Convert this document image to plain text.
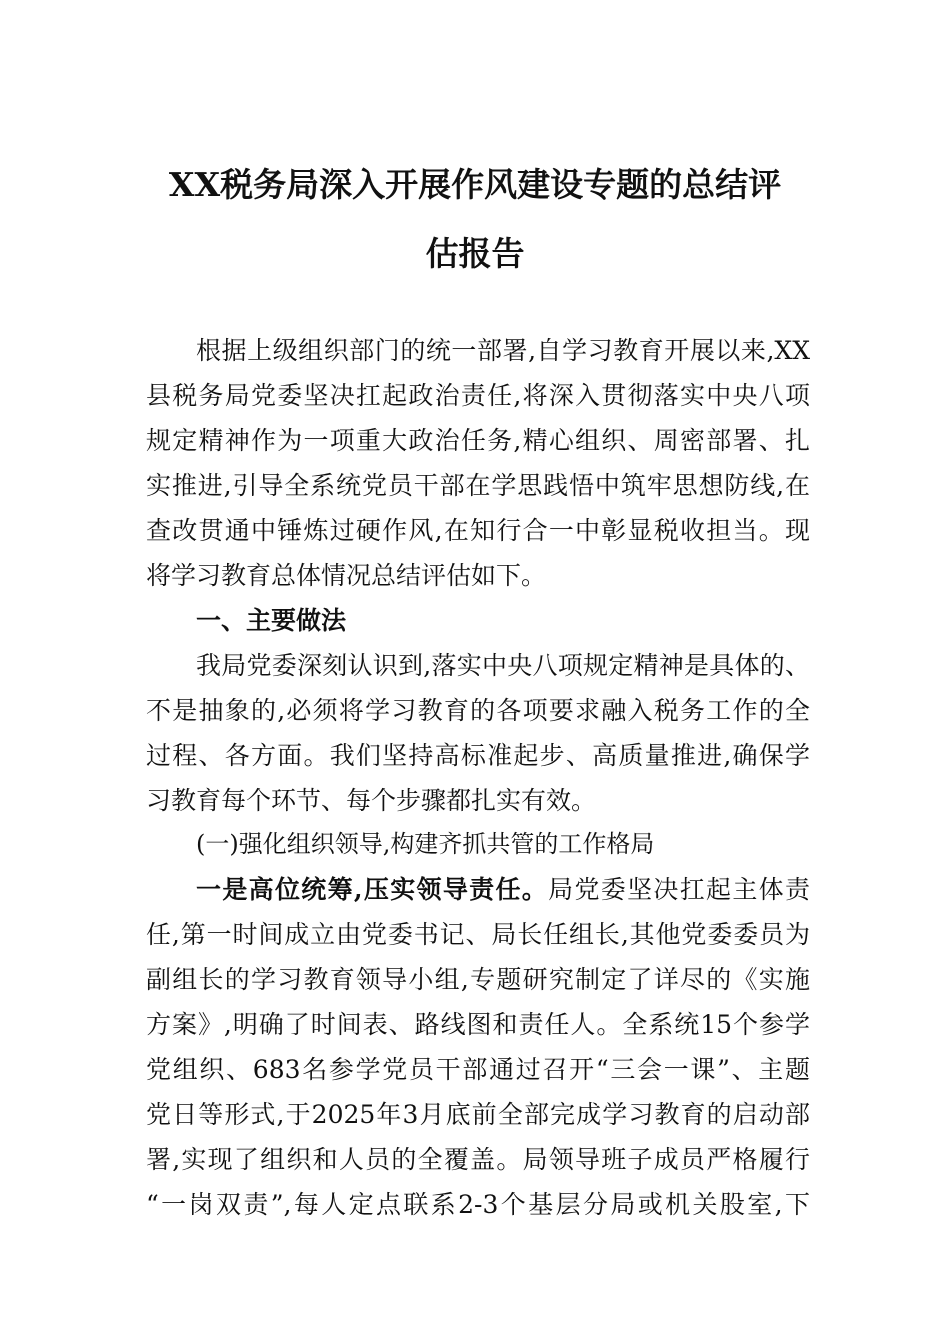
XX税务局深入开展作风建设专题的总结评
估报告
根据上级组织部门的统一部署,自学习教育开展以来,XX
县税务局党委坚决扛起政治责任,将深入贯彻落实中央八项
规定精神作为一项重大政治任务,精心组织、周密部署、扎
实推进,引导全系统党员干部在学思践悟中筑牢思想防线,在
查改贯通中锤炼过硬作风,在知行合一中彰显税收担当。现
将学习教育总体情况总结评估如下。
一、主要做法
我局党委深刻认识到,落实中央八项规定精神是具体的、
不是抽象的,必须将学习教育的各项要求融入税务工作的全
过程、各方面。我们坚持高标准起步、高质量推进,确保学
习教育每个环节、每个步骤都扎实有效。
(一)强化组织领导,构建齐抓共管的工作格局
一是高位统筹,压实领导责任。局党委坚决扛起主体责
任,第一时间成立由党委书记、局长任组长,其他党委委员为
副组长的学习教育领导小组,专题研究制定了详尽的《实施
方案》,明确了时间表、路线图和责任人。全系统15个参学
党组织、683名参学党员干部通过召开“三会一课”、主题
党日等形式,于2025年3月底前全部完成学习教育的启动部
署,实现了组织和人员的全覆盖。局领导班子成员严格履行
“一岗双责”,每人定点联系2-3个基层分局或机关股室,下
